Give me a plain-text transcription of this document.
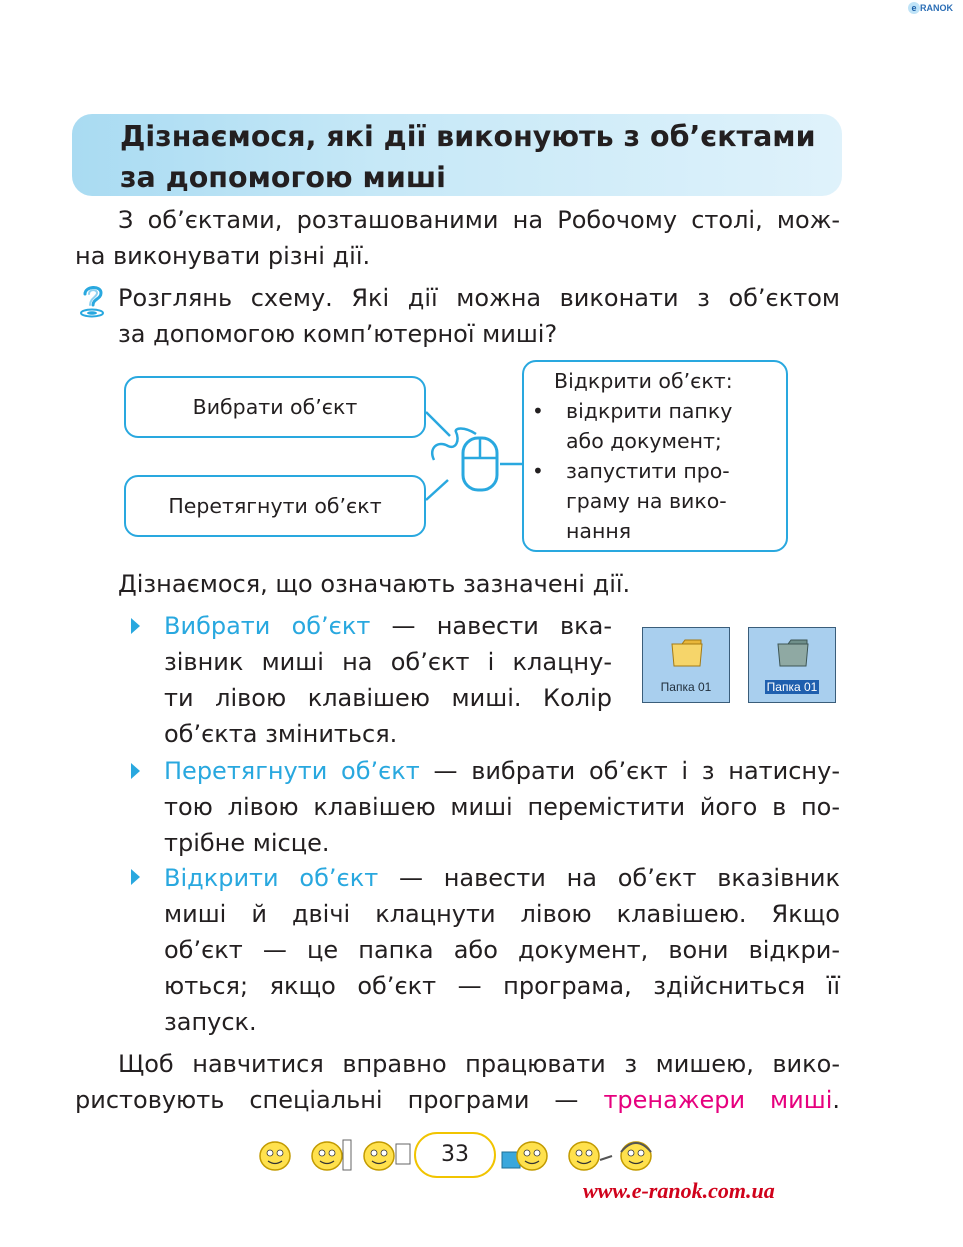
e RANOK
Дізнаємося, які дії виконують з об’єктами
за допомогою миші
З об’єктами, розташованими на Робочому столі, мож-
на виконувати різні дії.
Розглянь схему. Які дії можна виконати з об’єктом
за допомогою комп’ютерної миші?
Вибрати об’єкт
Перетягнути об’єкт
Відкрити об’єкт:
• відкрити папку
або документ;
• запустити про-
граму на вико-
нання
Дізнаємося, що означають зазначені дії.
Вибрати об’єкт — навести вка-
зівник миші на об’єкт і клацну-
ти лівою клавішею миші. Колір
об’єкта зміниться.
Папка 01	Папка 01
Перетягнути об’єкт — вибрати об’єкт і з натисну-
тою лівою клавішею миші перемістити його в по-
трібне місце.
Відкрити об’єкт — навести на об’єкт вказівник
миші й двічі клацнути лівою клавішею. Якщо
об’єкт — це папка або документ, вони відкри-
ються; якщо об’єкт — програма, здійсниться її
запуск.
Щоб навчитися вправно працювати з мишею, вико-
ристовують спеціальні програми — тренажери миші.
33
www.e-ranok.com.ua
